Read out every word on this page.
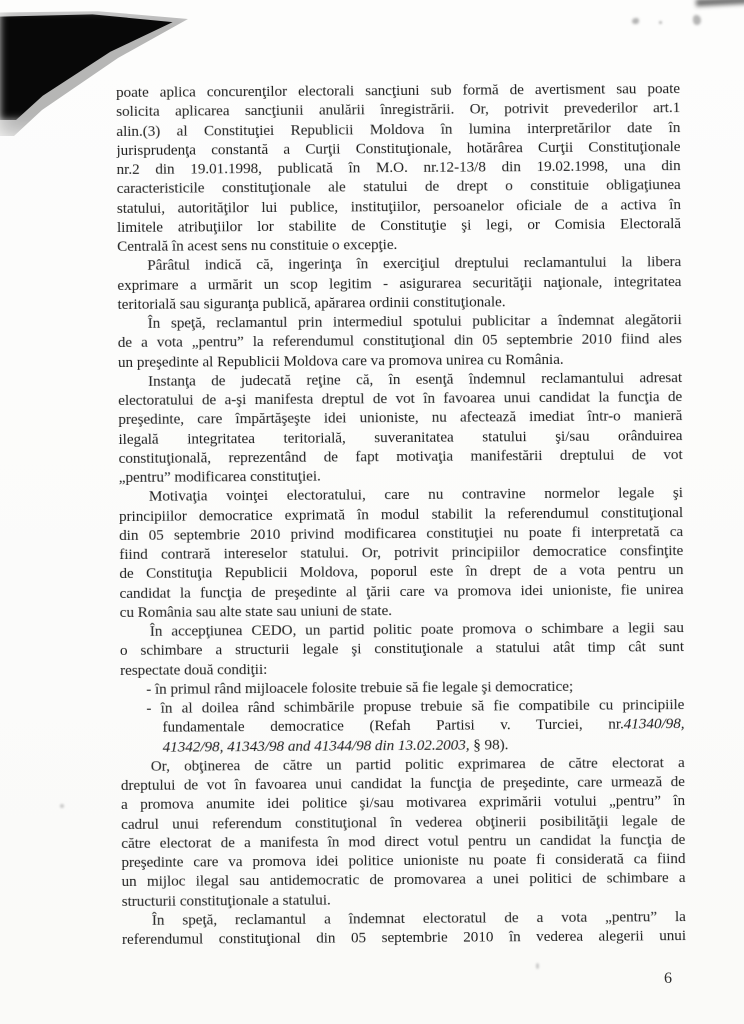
poate aplica concurenţilor electorali sancţiuni sub formă de avertisment sau poate
solicita aplicarea sancţiunii anulării înregistrării. Or, potrivit prevederilor art.1
alin.(3) al Constituţiei Republicii Moldova în lumina interpretărilor date în
jurisprudenţa constantă a Curţii Constituţionale, hotărârea Curţii Constituţionale
nr.2 din 19.01.1998, publicată în M.O. nr.12-13/8 din 19.02.1998, una din
caracteristicile constituţionale ale statului de drept o constituie obligaţiunea
statului, autorităţilor lui publice, instituţiilor, persoanelor oficiale de a activa în
limitele atribuţiilor lor stabilite de Constituţie şi legi, or Comisia Electorală
Centrală în acest sens nu constituie o excepţie.
Pârâtul indică că, ingerinţa în exerciţiul dreptului reclamantului la libera
exprimare a urmărit un scop legitim - asigurarea securităţii naţionale, integritatea
teritorială sau siguranţa publică, apărarea ordinii constituţionale.
În speţă, reclamantul prin intermediul spotului publicitar a îndemnat alegătorii
de a vota „pentru” la referendumul constituţional din 05 septembrie 2010 fiind ales
un preşedinte al Republicii Moldova care va promova unirea cu România.
Instanţa de judecată reţine că, în esenţă îndemnul reclamantului adresat
electoratului de a-şi manifesta dreptul de vot în favoarea unui candidat la funcţia de
preşedinte, care împărtăşeşte idei unioniste, nu afectează imediat într-o manieră
ilegală integritatea teritorială, suveranitatea statului şi/sau orânduirea
constituţională, reprezentând de fapt motivaţia manifestării dreptului de vot
„pentru” modificarea constituţiei.
Motivaţia voinţei electoratului, care nu contravine normelor legale şi
principiilor democratice exprimată în modul stabilit la referendumul constituţional
din 05 septembrie 2010 privind modificarea constituţiei nu poate fi interpretată ca
fiind contrară intereselor statului. Or, potrivit principiilor democratice consfinţite
de Constituţia Republicii Moldova, poporul este în drept de a vota pentru un
candidat la funcţia de preşedinte al ţării care va promova idei unioniste, fie unirea
cu România sau alte state sau uniuni de state.
În accepţiunea CEDO, un partid politic poate promova o schimbare a legii sau
o schimbare a structurii legale şi constituţionale a statului atât timp cât sunt
respectate două condiţii:
- în primul rând mijloacele folosite trebuie să fie legale şi democratice;
- în al doilea rând schimbările propuse trebuie să fie compatibile cu principiile
fundamentale democratice (Refah Partisi v. Turciei, nr.41340/98,
41342/98, 41343/98 and 41344/98 din 13.02.2003, § 98).
Or, obţinerea de către un partid politic exprimarea de către electorat a
dreptului de vot în favoarea unui candidat la funcţia de preşedinte, care urmează de
a promova anumite idei politice şi/sau motivarea exprimării votului „pentru” în
cadrul unui referendum constituţional în vederea obţinerii posibilităţii legale de
către electorat de a manifesta în mod direct votul pentru un candidat la funcţia de
preşedinte care va promova idei politice unioniste nu poate fi considerată ca fiind
un mijloc ilegal sau antidemocratic de promovarea a unei politici de schimbare a
structurii constituţionale a statului.
În speţă, reclamantul a îndemnat electoratul de a vota „pentru” la
referendumul constituţional din 05 septembrie 2010 în vederea alegerii unui
6
